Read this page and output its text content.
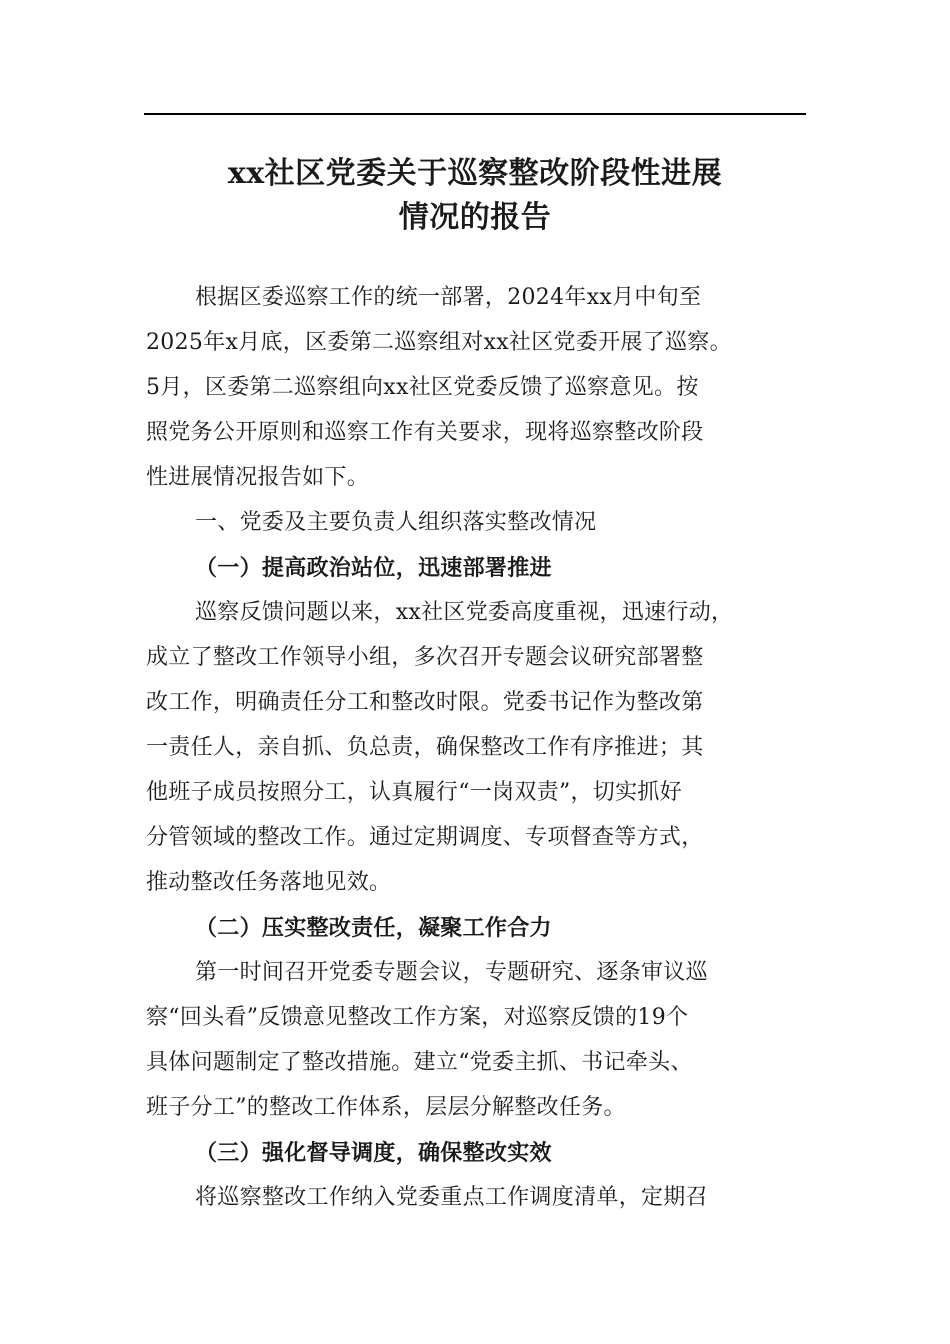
xx社区党委关于巡察整改阶段性进展
情况的报告
根据区委巡察工作的统一部署，2024年xx月中旬至
2025年x月底，区委第二巡察组对xx社区党委开展了巡察。
5月，区委第二巡察组向xx社区党委反馈了巡察意见。按
照党务公开原则和巡察工作有关要求，现将巡察整改阶段
性进展情况报告如下。
一、党委及主要负责人组织落实整改情况
（一）提高政治站位，迅速部署推进
巡察反馈问题以来，xx社区党委高度重视，迅速行动，
成立了整改工作领导小组，多次召开专题会议研究部署整
改工作，明确责任分工和整改时限。党委书记作为整改第
一责任人，亲自抓、负总责，确保整改工作有序推进；其
他班子成员按照分工，认真履行“一岗双责”，切实抓好
分管领域的整改工作。通过定期调度、专项督查等方式，
推动整改任务落地见效。
（二）压实整改责任，凝聚工作合力
第一时间召开党委专题会议，专题研究、逐条审议巡
察“回头看”反馈意见整改工作方案，对巡察反馈的19个
具体问题制定了整改措施。建立“党委主抓、书记牵头、
班子分工”的整改工作体系，层层分解整改任务。
（三）强化督导调度，确保整改实效
将巡察整改工作纳入党委重点工作调度清单，定期召
